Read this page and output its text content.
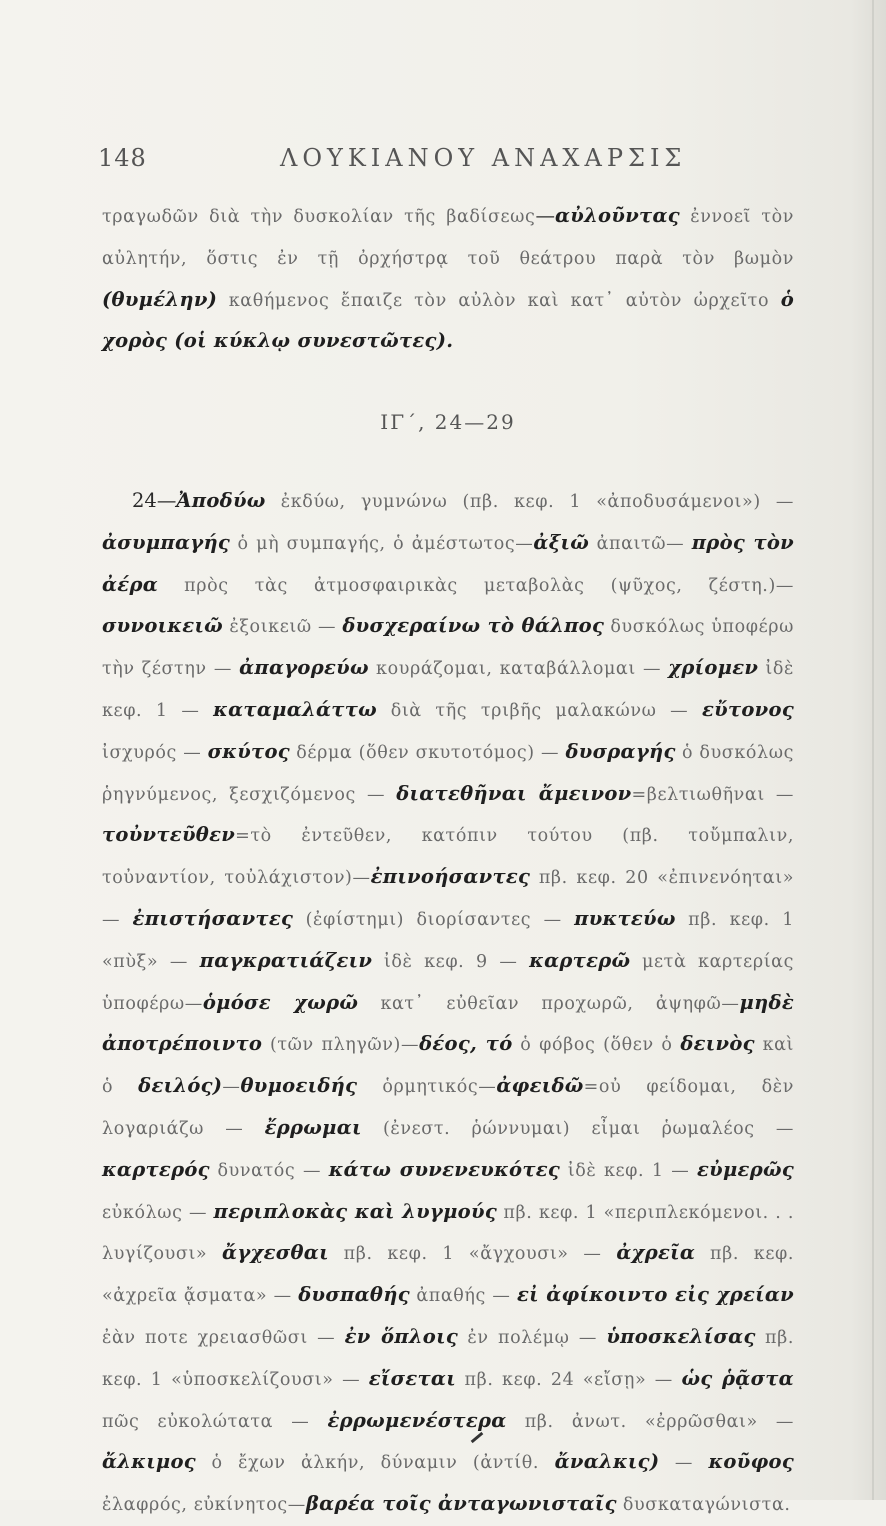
148	ΛΟΥΚΙΑΝΟΥ ΑΝΑΧΑΡΣΙΣ

τραγωδῶν διὰ τὴν δυσκολίαν τῆς βαδίσεως—αὐλοῦντας ἐννοεῖ τὸν αὐλητήν, ὅστις ἐν τῇ ὀρχήστρᾳ τοῦ θεάτρου παρὰ τὸν βωμὸν (θυμέλην) καθήμενος ἔπαιζε τὸν αὐλὸν καὶ κατ᾽ αὐτὸν ὠρχεῖτο ὁ χορὸς (οἱ κύκλῳ συνεστῶτες).

ΙΓ΄, 24—29

24—Ἀποδύω ἐκδύω, γυμνώνω (πβ. κεφ. 1 «ἀποδυσάμενοι») — ἀσυμπαγής ὁ μὴ συμπαγής, ὁ ἀμέστωτος—ἀξιῶ ἀπαιτῶ— πρὸς τὸν ἀέρα πρὸς τὰς ἀτμοσφαιρικὰς μεταβολὰς (ψῦχος, ζέστη.)—συνοικειῶ ἐξοικειῶ — δυσχεραίνω τὸ θάλπος δυσκόλως ὑποφέρω τὴν ζέστην — ἀπαγορεύω κουράζομαι, καταβάλλομαι — χρίομεν ἰδὲ κεφ. 1 — καταμαλάττω διὰ τῆς τριβῆς μαλακώνω — εὔτονος ἰσχυρός — σκύτος δέρμα (ὅθεν σκυτοτόμος) — δυσραγής ὁ δυσκόλως ῥηγνύμενος, ξεσχιζόμενος — διατεθῆναι ἄμεινον=βελτιωθῆναι — τοὐντεῦθεν=τὸ ἐντεῦθεν, κατόπιν τούτου (πβ. τοὔμπαλιν, τοὐναντίον, τοὐλάχιστον)—ἐπινοήσαντες πβ. κεφ. 20 «ἐπινενόηται» — ἐπιστήσαντες (ἐφίστημι) διορίσαντες — πυκτεύω πβ. κεφ. 1 «πὺξ» — παγκρατιάζειν ἰδὲ κεφ. 9 — καρτερῶ μετὰ καρτερίας ὑποφέρω—ὁμόσε χωρῶ κατ᾽ εὐθεῖαν προχωρῶ, ἀψηφῶ—μηδὲ ἀποτρέποιντο (τῶν πληγῶν)—δέος, τό ὁ φόβος (ὅθεν ὁ δεινὸς καὶ ὁ δειλός)—θυμοειδής ὁρμητικός—ἀφειδῶ=οὐ φείδομαι, δὲν λογαριάζω — ἔρρωμαι (ἐνεστ. ῥώννυμαι) εἶμαι ῥωμαλέος — καρτερός δυνατός — κάτω συνενευκότες ἰδὲ κεφ. 1 — εὐμερῶς εὐκόλως — περιπλοκὰς καὶ λυγμούς πβ. κεφ. 1 «περιπλεκόμενοι. . . λυγίζουσι» ἄγχεσθαι πβ. κεφ. 1 «ἄγχουσι» — ἀχρεῖα πβ. κεφ. «ἀχρεῖα ᾄσματα» — δυσπαθής ἀπαθής — εἰ ἀφίκοιντο εἰς χρείαν ἐὰν ποτε χρειασθῶσι — ἐν ὅπλοις ἐν πολέμῳ — ὑποσκελίσας πβ. κεφ. 1 «ὑποσκελίζουσι» — εἴσεται πβ. κεφ. 24 «εἴσῃ» — ὡς ῥᾷστα πῶς εὐκολώτατα — ἐρρωμενέστερα πβ. ἀνωτ. «ἐρρῶσθαι» — ἄλκιμος ὁ ἔχων ἀλκήν, δύναμιν (ἀντίθ. ἄναλκις) — κοῦφος ἐλαφρός, εὐκίνητος—βαρέα τοῖς ἀνταγωνισταῖς δυσκαταγώνιστα.
